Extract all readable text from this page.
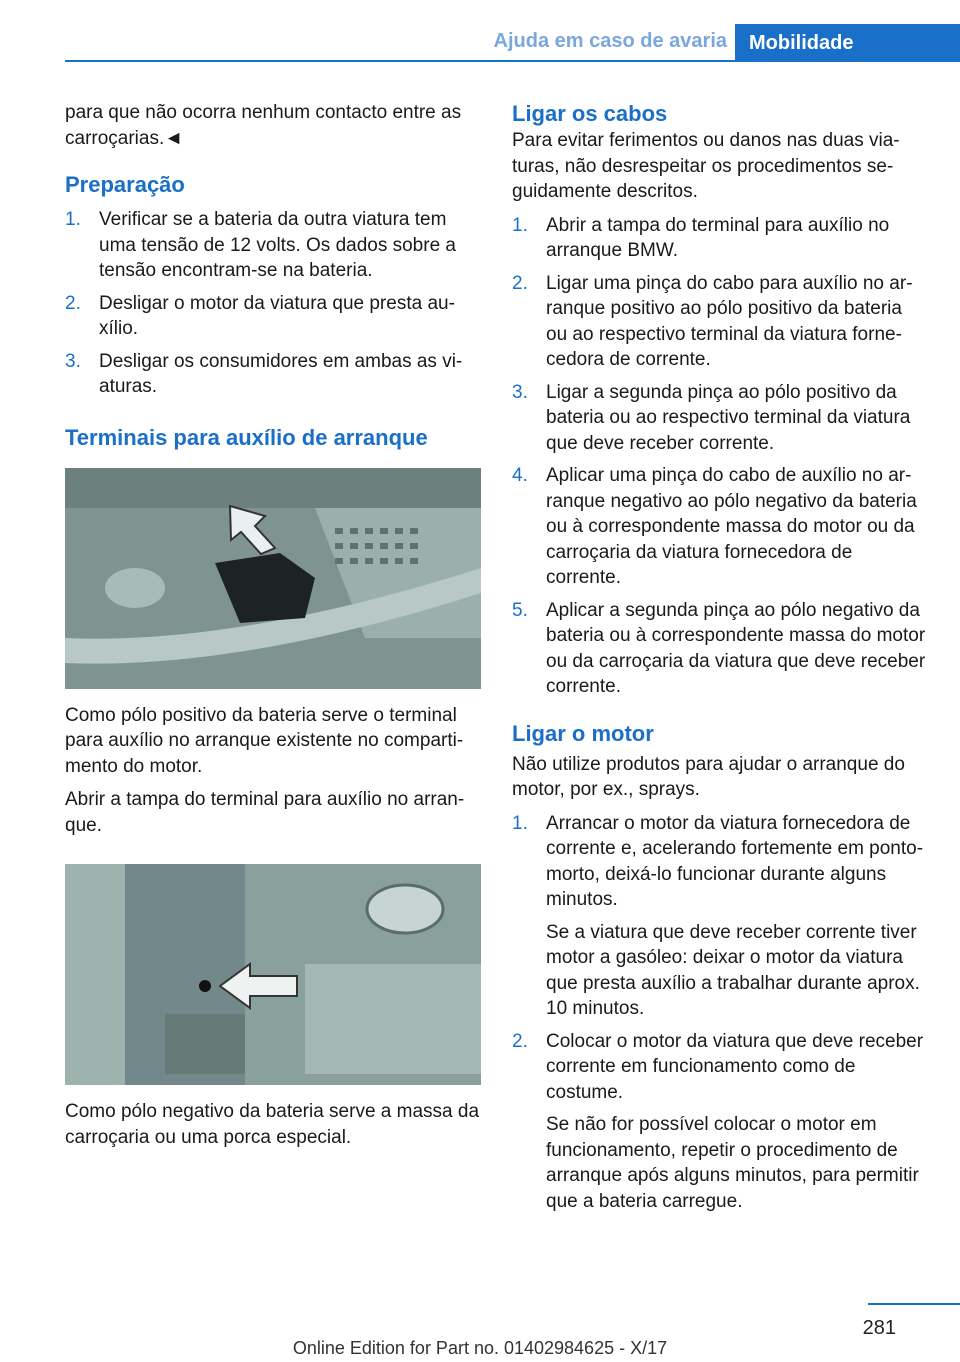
Ajuda em caso de avaria	Mobilidade

para que não ocorra nenhum contacto entre as carroçarias.◄

Preparação
1. Verificar se a bateria da outra viatura tem uma tensão de 12 volts. Os dados sobre a tensão encontram-se na bateria.
2. Desligar o motor da viatura que presta auxílio.
3. Desligar os consumidores em ambas as viaturas.
Terminais para auxílio de arranque

Como pólo positivo da bateria serve o terminal para auxílio no arranque existente no compartimento do motor.

Abrir a tampa do terminal para auxílio no arranque.

Como pólo negativo da bateria serve a massa da carroçaria ou uma porca especial.

Ligar os cabos

Para evitar ferimentos ou danos nas duas viaturas, não desrespeitar os procedimentos seguidamente descritos.

1. Abrir a tampa do terminal para auxílio no arranque BMW.
2. Ligar uma pinça do cabo para auxílio no arranque positivo ao pólo positivo da bateria ou ao respectivo terminal da viatura fornecedora de corrente.
3. Ligar a segunda pinça ao pólo positivo da bateria ou ao respectivo terminal da viatura que deve receber corrente.
4. Aplicar uma pinça do cabo de auxílio no arranque negativo ao pólo negativo da bateria ou à correspondente massa do motor ou da carroçaria da viatura fornecedora de corrente.
5. Aplicar a segunda pinça ao pólo negativo da bateria ou à correspondente massa do motor ou da carroçaria da viatura que deve receber corrente.
Ligar o motor

Não utilize produtos para ajudar o arranque do motor, por ex., sprays.

1. Arrancar o motor da viatura fornecedora de corrente e, acelerando fortemente em ponto-morto, deixá-lo funcionar durante alguns minutos.
Se a viatura que deve receber corrente tiver motor a gasóleo: deixar o motor da viatura que presta auxílio a trabalhar durante aprox. 10 minutos.
2. Colocar o motor da viatura que deve receber corrente em funcionamento como de costume.
Se não for possível colocar o motor em funcionamento, repetir o procedimento de arranque após alguns minutos, para permitir que a bateria carregue.
281
Online Edition for Part no. 01402984625 - X/17
